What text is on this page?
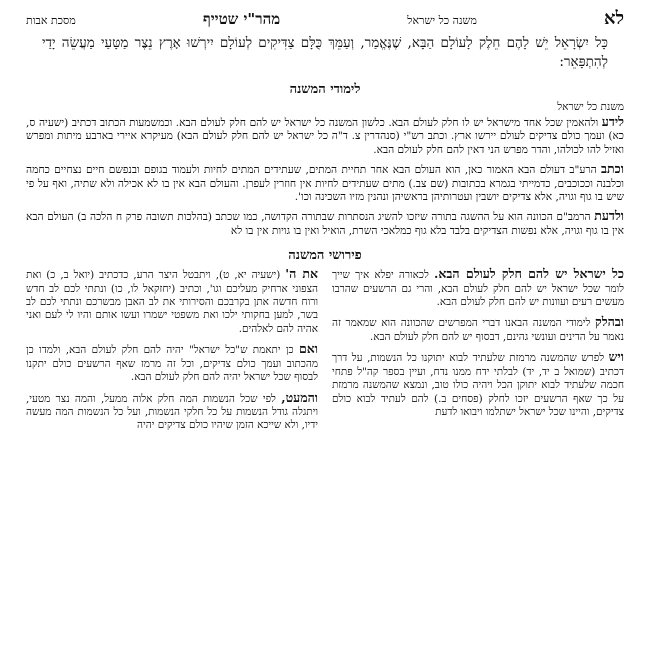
לא
משנה כל ישראל
מהר"י שטייף
מסכת אבות
כָּל יִשְׂרָאֵל יֵשׁ לָהֶם חֵלֶק לָעוֹלָם הַבָּא, שֶׁנֶּאֱמַר, וְעַמֵּךְ כֻּלָּם צַדִּיקִים לְעוֹלָם יִירְשׁוּ אָרֶץ נֵצֶר מַטָּעַי מַעֲשֵׂה יָדַי לְהִתְפָּאֵר:
לימודי המשנה
משנת כל ישראל

לידע ולהאמין שכל אחד מישראל יש לו חלק לעולם הבא. כלשון המשנה כל ישראל יש להם חלק לעולם הבא. וכמשמעות הכתוב דכתיב (ישעיה ס, כא) ועמך כולם צדיקים לעולם יירשו ארץ. וכתב רש"י (סנהדרין צ. ד"ה כל ישראל יש להם חלק לעולם הבא) מעיקרא איירי בארבע מיתות ומפרש ואזיל להו לכולהו, והדר מפרש הני דאין להם חלק לעולם הבא.

וכתב הרע"ב דעולם הבא האמור כאן, הוא העולם הבא אחר תחיית המתים, שעתידים המתים לחיות ולעמוד בגופם ובנפשם חיים נצחיים כחמה וכלבנה וככוכבים, כדמייתי בגמרא בכתובות (שם צב.) מתים שעתידים לחיות אין חוזרין לעפרן. והעולם הבא אין בו לא אכילה ולא שתיה, ואף על פי שיש בו גוף וגויה, אלא צדיקים יושבין ועטרותיהן בראשיהן ונהנין מזיו השכינה וכו'.

ולדעת הרמב"ם הכוונה הוא על ההשגה בתורה שיזכו להשיג הנסתרות שבתורה הקדושה, כמו שכתב (בהלכות תשובה פרק ח הלכה ב) העולם הבא אין בו גוף וגויה, אלא נפשות הצדיקים בלבד בלא גוף כמלאכי השרת, הואיל ואין בו גויות אין בו לא

פירושי המשנה

כל ישראל יש להם חלק לעולם הבא. לכאורה יפלא איך שייך לומר שכל ישראל יש להם חלק לעולם הבא, והרי גם הרשעים שהרבו מעשים רעים ועוונות יש להם חלק לעולם הבא.

ובהלק לימודי המשנה הבאנו דברי המפרשים שהכוונה הוא שמאמר זה נאמר על הדינים ועונשי גהינם, דבסוף יש להם חלק לעולם הבא.

ויש לפרש שהמשנה מרמזת שלעתיד לבוא יתוקנו כל הנשמות, על דרך דכתיב (שמואל ב יד, יד) לבלתי ידח ממנו נדח, ועיין בספר קה"ל פתחי חכמה שלעתיד לבוא יתוקן הכל ויהיה כולו טוב, ונמצא שהמשנה מרמזת על כך שאף הרשעים יזכו לחלק (פסחים ב.) להם לעתיד לבוא כולם צדיקים, והיינו שכל ישראל ישתלמו ויבואו לדעת

את ה' (ישעיה יא, ט), ויתבטל היצר הרע, כדכתיב (יואל ב, כ) ואת הצפוני ארחיק מעליכם וגו', וכתיב (יחזקאל לו, כו) ונתתי לכם לב חדש ורוח חדשה אתן בקרבכם והסירותי את לב האבן מבשרכם ונתתי לכם לב בשר, למען בחקותי ילכו ואת משפטי ישמרו ועשו אותם והיו לי לעם ואני אהיה להם לאלהים.

ואם כן יתאמת ש"כל ישראל" יהיה להם חלק לעולם הבא, ולמדו כן מהכתוב ועמך כולם צדיקים, וכל זה מרמז שאף הרשעים כולם יתקנו לבסוף שכל ישראל יהיה להם חלק לעולם הבא.

והמעט, לפי שכל הנשמות המה חלק אלוה ממעל, והמה נצר מטעי, ויתגלה גודל הנשמות על כל חלקי הנשמות, ועל כל הנשמות המה מעשה ידיו, ולא שייכא הזמן שיהיו כולם צדיקים יהיה
